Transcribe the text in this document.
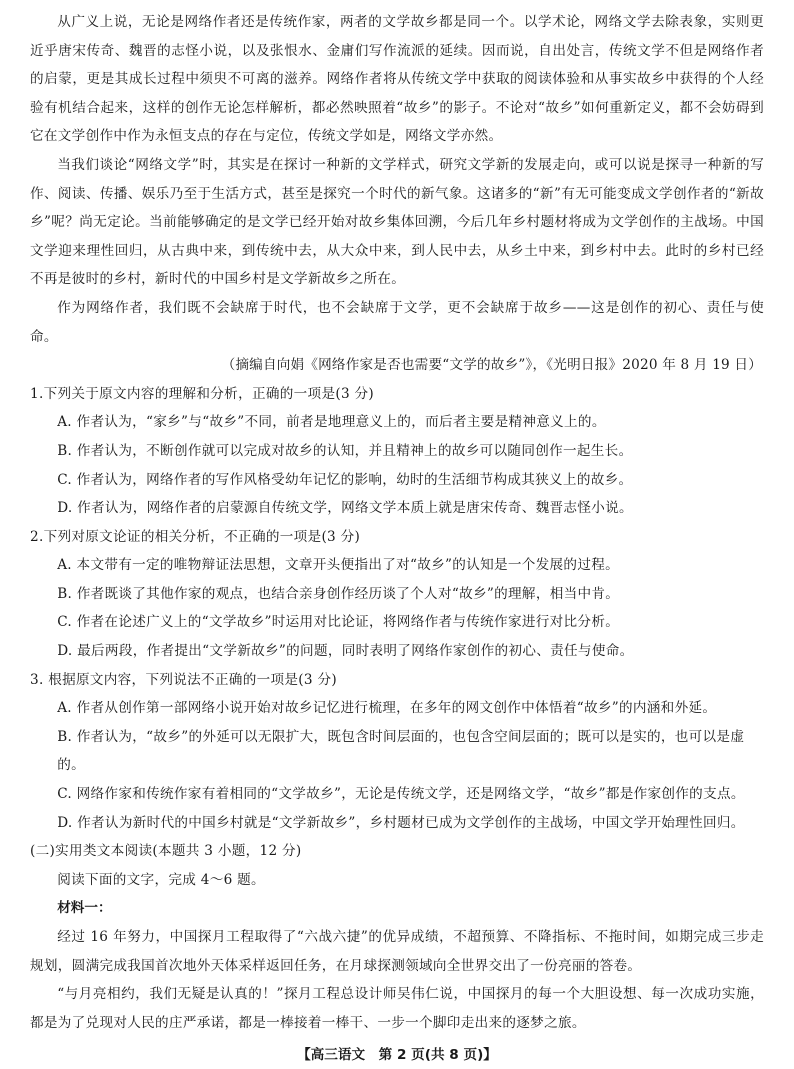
从广义上说，无论是网络作者还是传统作家，两者的文学故乡都是同一个。以学术论，网络文学去除表象，实则更近乎唐宋传奇、魏晋的志怪小说，以及张恨水、金庸们写作流派的延续。因而说，自出处言，传统文学不但是网络作者的启蒙，更是其成长过程中须臾不可离的滋养。网络作者将从传统文学中获取的阅读体验和从事实故乡中获得的个人经验有机结合起来，这样的创作无论怎样解析，都必然映照着“故乡”的影子。不论对“故乡”如何重新定义，都不会妨碍到它在文学创作中作为永恒支点的存在与定位，传统文学如是，网络文学亦然。

当我们谈论“网络文学”时，其实是在探讨一种新的文学样式，研究文学新的发展走向，或可以说是探寻一种新的写作、阅读、传播、娱乐乃至于生活方式，甚至是探究一个时代的新气象。这诸多的“新”有无可能变成文学创作者的“新故乡”呢？尚无定论。当前能够确定的是文学已经开始对故乡集体回溯，今后几年乡村题材将成为文学创作的主战场。中国文学迎来理性回归，从古典中来，到传统中去，从大众中来，到人民中去，从乡土中来，到乡村中去。此时的乡村已经不再是彼时的乡村，新时代的中国乡村是文学新故乡之所在。

作为网络作者，我们既不会缺席于时代，也不会缺席于文学，更不会缺席于故乡——这是创作的初心、责任与使命。

（摘编自向娟《网络作家是否也需要“文学的故乡”》，《光明日报》2020 年 8 月 19 日）

1.下列关于原文内容的理解和分析，正确的一项是(3 分)

A. 作者认为，“家乡”与“故乡”不同，前者是地理意义上的，而后者主要是精神意义上的。

B. 作者认为，不断创作就可以完成对故乡的认知，并且精神上的故乡可以随同创作一起生长。

C. 作者认为，网络作者的写作风格受幼年记忆的影响，幼时的生活细节构成其狭义上的故乡。

D. 作者认为，网络作者的启蒙源自传统文学，网络文学本质上就是唐宋传奇、魏晋志怪小说。

2.下列对原文论证的相关分析，不正确的一项是(3 分)

A. 本文带有一定的唯物辩证法思想，文章开头便指出了对“故乡”的认知是一个发展的过程。

B. 作者既谈了其他作家的观点，也结合亲身创作经历谈了个人对“故乡”的理解，相当中肯。

C. 作者在论述广义上的“文学故乡”时运用对比论证，将网络作者与传统作家进行对比分析。

D. 最后两段，作者提出“文学新故乡”的问题，同时表明了网络作家创作的初心、责任与使命。

3. 根据原文内容，下列说法不正确的一项是(3 分)

A. 作者从创作第一部网络小说开始对故乡记忆进行梳理，在多年的网文创作中体悟着“故乡”的内涵和外延。

B. 作者认为，“故乡”的外延可以无限扩大，既包含时间层面的，也包含空间层面的；既可以是实的，也可以是虚的。

C. 网络作家和传统作家有着相同的“文学故乡”，无论是传统文学，还是网络文学，“故乡”都是作家创作的支点。

D. 作者认为新时代的中国乡村就是“文学新故乡”，乡村题材已成为文学创作的主战场，中国文学开始理性回归。

(二)实用类文本阅读(本题共 3 小题，12 分)

阅读下面的文字，完成 4～6 题。

材料一：

经过 16 年努力，中国探月工程取得了“六战六捷”的优异成绩，不超预算、不降指标、不拖时间，如期完成三步走规划，圆满完成我国首次地外天体采样返回任务，在月球探测领域向全世界交出了一份亮丽的答卷。

“与月亮相约，我们无疑是认真的！”探月工程总设计师吴伟仁说，中国探月的每一个大胆设想、每一次成功实施，都是为了兑现对人民的庄严承诺，都是一棒接着一棒干、一步一个脚印走出来的逐梦之旅。

【高三语文　第 2 页(共 8 页)】
